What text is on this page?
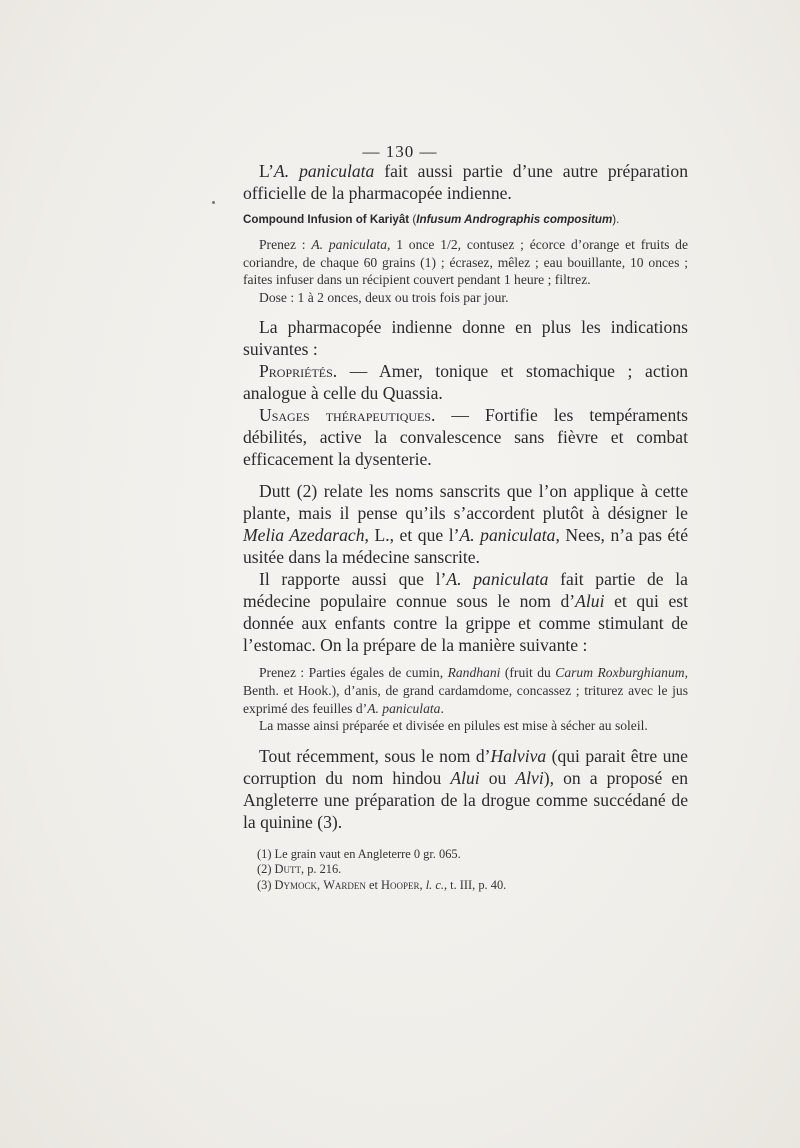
— 130 —

L’A. paniculata fait aussi partie d’une autre préparation officielle de la pharmacopée indienne.

Compound Infusion of Kariyât (Infusum Andrographis compositum).

Prenez : A. paniculata, 1 once 1/2, contusez ; écorce d’orange et fruits de coriandre, de chaque 60 grains (1) ; écrasez, mêlez ; eau bouillante, 10 onces ; faites infuser dans un récipient couvert pendant 1 heure ; filtrez.

Dose : 1 à 2 onces, deux ou trois fois par jour.

La pharmacopée indienne donne en plus les indications suivantes :

Propriétés. — Amer, tonique et stomachique ; action analogue à celle du Quassia.

Usages thérapeutiques. — Fortifie les tempéraments débilités, active la convalescence sans fièvre et combat efficacement la dysenterie.

Dutt (2) relate les noms sanscrits que l’on applique à cette plante, mais il pense qu’ils s’accordent plutôt à désigner le Melia Azedarach, L., et que l’A. paniculata, Nees, n’a pas été usitée dans la médecine sanscrite.

Il rapporte aussi que l’A. paniculata fait partie de la médecine populaire connue sous le nom d’Alui et qui est donnée aux enfants contre la grippe et comme stimulant de l’estomac. On la prépare de la manière suivante :

Prenez : Parties égales de cumin, Randhani (fruit du Carum Roxburghianum, Benth. et Hook.), d’anis, de grand cardamdome, concassez ; triturez avec le jus exprimé des feuilles d’A. paniculata.

La masse ainsi préparée et divisée en pilules est mise à sécher au soleil.

Tout récemment, sous le nom d’Halviva (qui parait être une corruption du nom hindou Alui ou Alvi), on a proposé en Angleterre une préparation de la drogue comme succédané de la quinine (3).

(1) Le grain vaut en Angleterre 0 gr. 065.

(2) Dutt, p. 216.

(3) Dymock, Warden et Hooper, l. c., t. III, p. 40.
